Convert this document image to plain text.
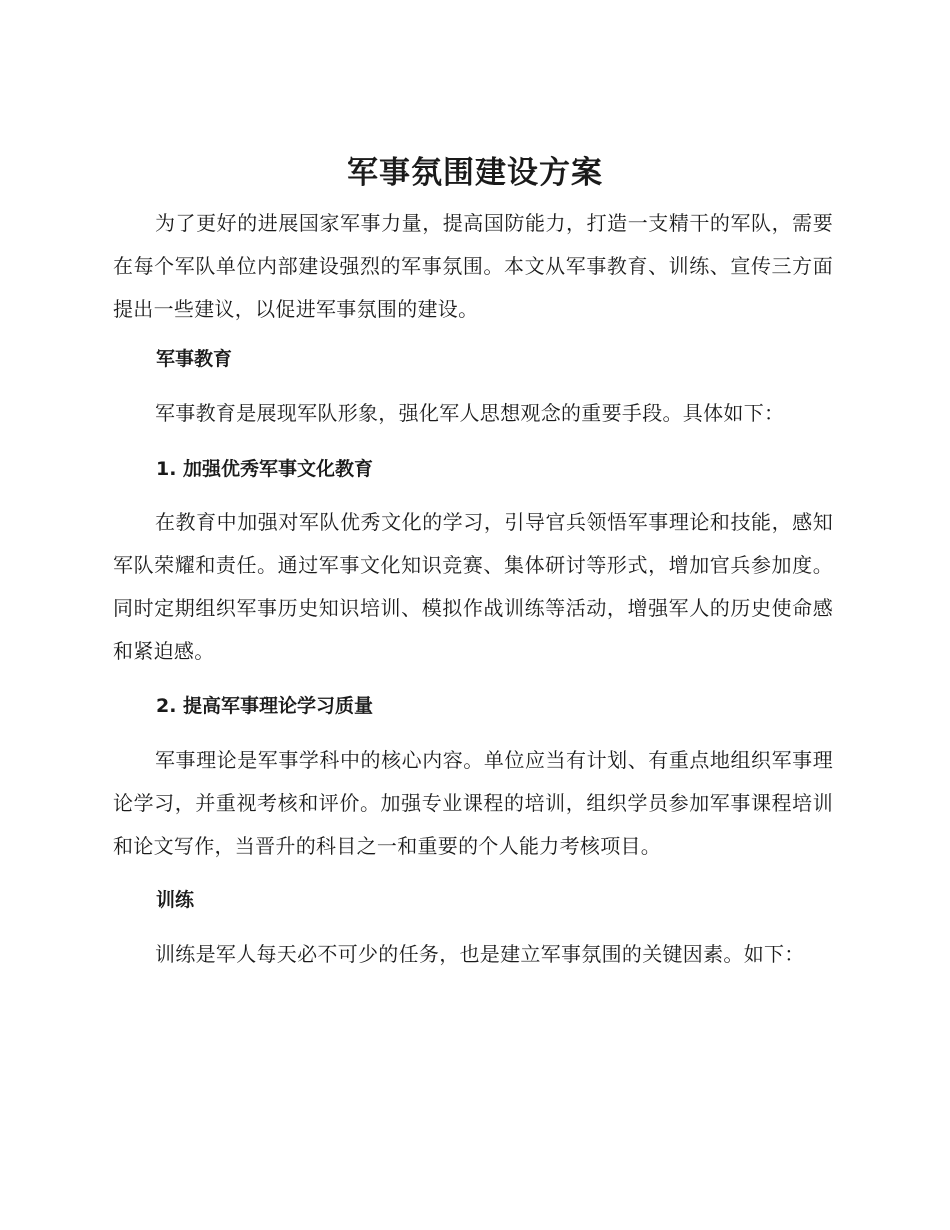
军事氛围建设方案

为了更好的进展国家军事力量，提高国防能力，打造一支精干的军队，需要在每个军队单位内部建设强烈的军事氛围。本文从军事教育、训练、宣传三方面提出一些建议，以促进军事氛围的建设。

军事教育

军事教育是展现军队形象，强化军人思想观念的重要手段。具体如下：

1. 加强优秀军事文化教育

在教育中加强对军队优秀文化的学习，引导官兵领悟军事理论和技能，感知军队荣耀和责任。通过军事文化知识竞赛、集体研讨等形式，增加官兵参加度。同时定期组织军事历史知识培训、模拟作战训练等活动，增强军人的历史使命感和紧迫感。

2. 提高军事理论学习质量

军事理论是军事学科中的核心内容。单位应当有计划、有重点地组织军事理论学习，并重视考核和评价。加强专业课程的培训，组织学员参加军事课程培训和论文写作，当晋升的科目之一和重要的个人能力考核项目。

训练

训练是军人每天必不可少的任务，也是建立军事氛围的关键因素。如下：
